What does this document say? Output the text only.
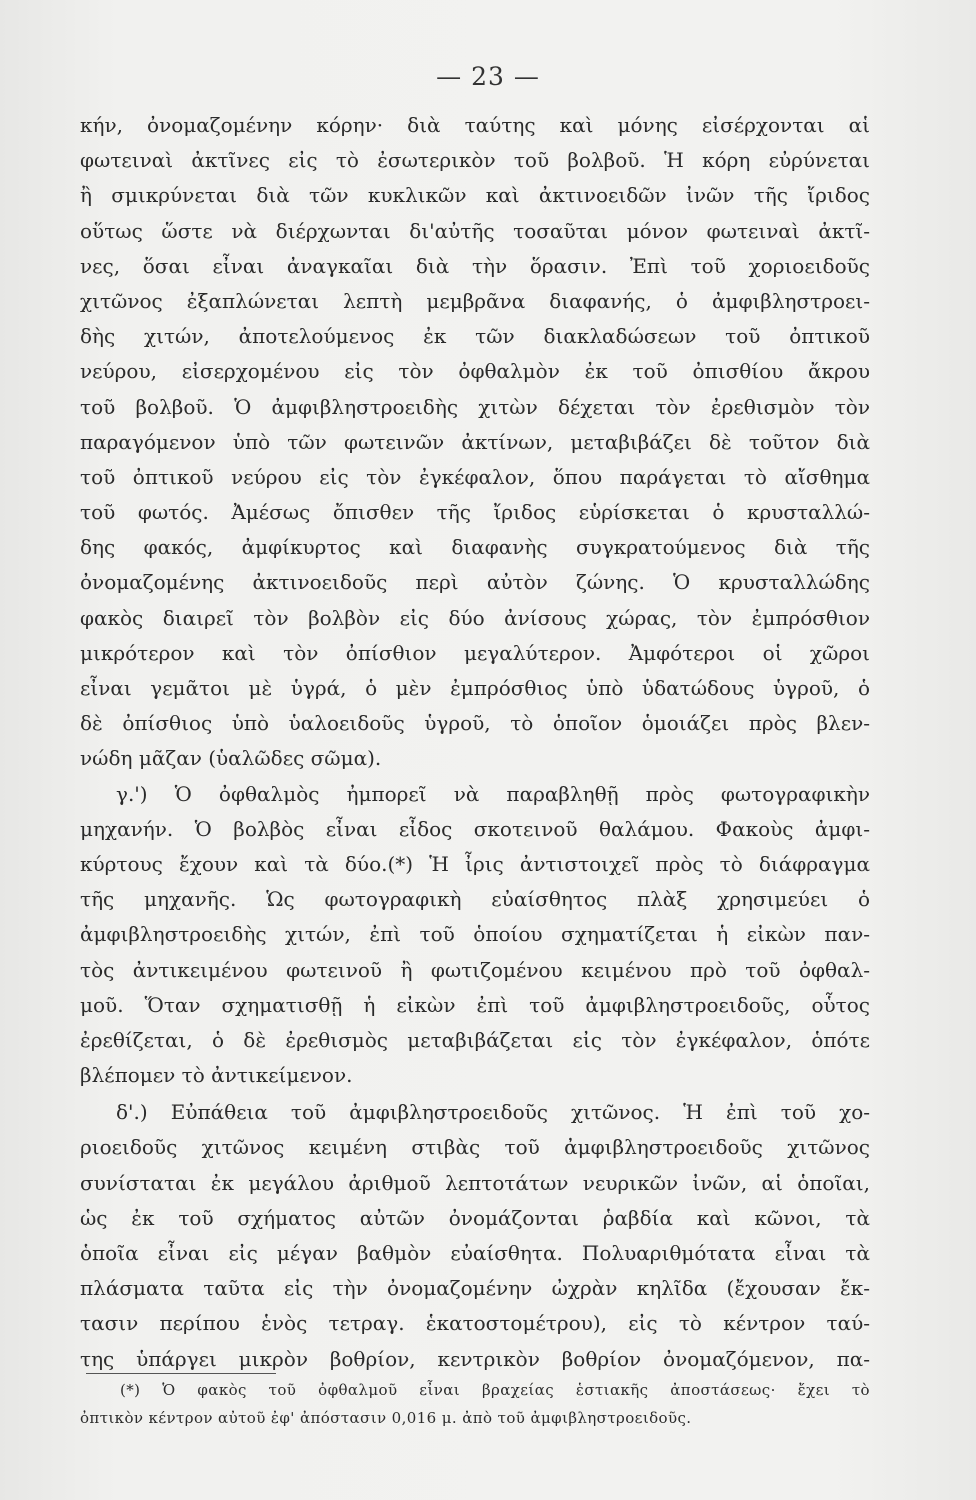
— 23 —
κήν, ὀνομαζομένην κόρην· διὰ ταύτης καὶ μόνης εἰσέρχονται αἱ
φωτειναὶ ἀκτῖνες εἰς τὸ ἐσωτερικὸν τοῦ βολβοῦ. Ἡ κόρη εὐρύνεται
ἢ σμικρύνεται διὰ τῶν κυκλικῶν καὶ ἀκτινοειδῶν ἰνῶν τῆς ἴριδος
οὕτως ὥστε νὰ διέρχωνται δι'αὐτῆς τοσαῦται μόνον φωτειναὶ ἀκτῖ-
νες, ὅσαι εἶναι ἀναγκαῖαι διὰ τὴν ὅρασιν. Ἐπὶ τοῦ χοριοειδοῦς
χιτῶνος ἐξαπλώνεται λεπτὴ μεμβρᾶνα διαφανής, ὁ ἀμφιβληστροει-
δὴς χιτών, ἀποτελούμενος ἐκ τῶν διακλαδώσεων τοῦ ὀπτικοῦ
νεύρου, εἰσερχομένου εἰς τὸν ὀφθαλμὸν ἐκ τοῦ ὀπισθίου ἄκρου
τοῦ βολβοῦ. Ὁ ἀμφιβληστροειδὴς χιτὼν δέχεται τὸν ἐρεθισμὸν τὸν
παραγόμενον ὑπὸ τῶν φωτεινῶν ἀκτίνων, μεταβιβάζει δὲ τοῦτον διὰ
τοῦ ὀπτικοῦ νεύρου εἰς τὸν ἐγκέφαλον, ὅπου παράγεται τὸ αἴσθημα
τοῦ φωτός. Ἀμέσως ὄπισθεν τῆς ἴριδος εὑρίσκεται ὁ κρυσταλλώ-
δης φακός, ἀμφίκυρτος καὶ διαφανὴς συγκρατούμενος διὰ τῆς
ὀνομαζομένης ἀκτινοειδοῦς περὶ αὐτὸν ζώνης. Ὁ κρυσταλλώδης
φακὸς διαιρεῖ τὸν βολβὸν εἰς δύο ἀνίσους χώρας, τὸν ἐμπρόσθιον
μικρότερον καὶ τὸν ὀπίσθιον μεγαλύτερον. Ἀμφότεροι οἱ χῶροι
εἶναι γεμᾶτοι μὲ ὑγρά, ὁ μὲν ἐμπρόσθιος ὑπὸ ὑδατώδους ὑγροῦ, ὁ
δὲ ὀπίσθιος ὑπὸ ὑαλοειδοῦς ὑγροῦ, τὸ ὁποῖον ὁμοιάζει πρὸς βλεν-
νώδη μᾶζαν (ὑαλῶδες σῶμα).
γ.') Ὁ ὀφθαλμὸς ἠμπορεῖ νὰ παραβληθῇ πρὸς φωτογραφικὴν
μηχανήν. Ὁ βολβὸς εἶναι εἶδος σκοτεινοῦ θαλάμου. Φακοὺς ἀμφι-
κύρτους ἔχουν καὶ τὰ δύο.(*) Ἡ ἶρις ἀντιστοιχεῖ πρὸς τὸ διάφραγμα
τῆς μηχανῆς. Ὡς φωτογραφικὴ εὐαίσθητος πλὰξ χρησιμεύει ὁ
ἀμφιβληστροειδὴς χιτών, ἐπὶ τοῦ ὁποίου σχηματίζεται ἡ εἰκὼν παν-
τὸς ἀντικειμένου φωτεινοῦ ἢ φωτιζομένου κειμένου πρὸ τοῦ ὀφθαλ-
μοῦ. Ὅταν σχηματισθῇ ἡ εἰκὼν ἐπὶ τοῦ ἀμφιβληστροειδοῦς, οὗτος
ἐρεθίζεται, ὁ δὲ ἐρεθισμὸς μεταβιβάζεται εἰς τὸν ἐγκέφαλον, ὁπότε
βλέπομεν τὸ ἀντικείμενον.
δ'.) Εὐπάθεια τοῦ ἀμφιβληστροειδοῦς χιτῶνος. Ἡ ἐπὶ τοῦ χο-
ριοειδοῦς χιτῶνος κειμένη στιβὰς τοῦ ἀμφιβληστροειδοῦς χιτῶνος
συνίσταται ἐκ μεγάλου ἀριθμοῦ λεπτοτάτων νευρικῶν ἰνῶν, αἱ ὁποῖαι,
ὡς ἐκ τοῦ σχήματος αὐτῶν ὀνομάζονται ῥαβδία καὶ κῶνοι, τὰ
ὁποῖα εἶναι εἰς μέγαν βαθμὸν εὐαίσθητα. Πολυαριθμότατα εἶναι τὰ
πλάσματα ταῦτα εἰς τὴν ὀνομαζομένην ὠχρὰν κηλῖδα (ἔχουσαν ἔκ-
τασιν περίπου ἑνὸς τετραγ. ἑκατοστομέτρου), εἰς τὸ κέντρον ταύ-
της ὑπάργει μικρὸν βοθρίον, κεντρικὸν βοθρίον ὀνομαζόμενον, πα-
(*) Ὁ φακὸς τοῦ ὀφθαλμοῦ εἶναι βραχείας ἑστιακῆς ἀποστάσεως· ἔχει τὸ
ὀπτικὸν κέντρον αὐτοῦ ἐφ' ἀπόστασιν 0,016 μ. ἀπὸ τοῦ ἀμφιβληστροειδοῦς.
